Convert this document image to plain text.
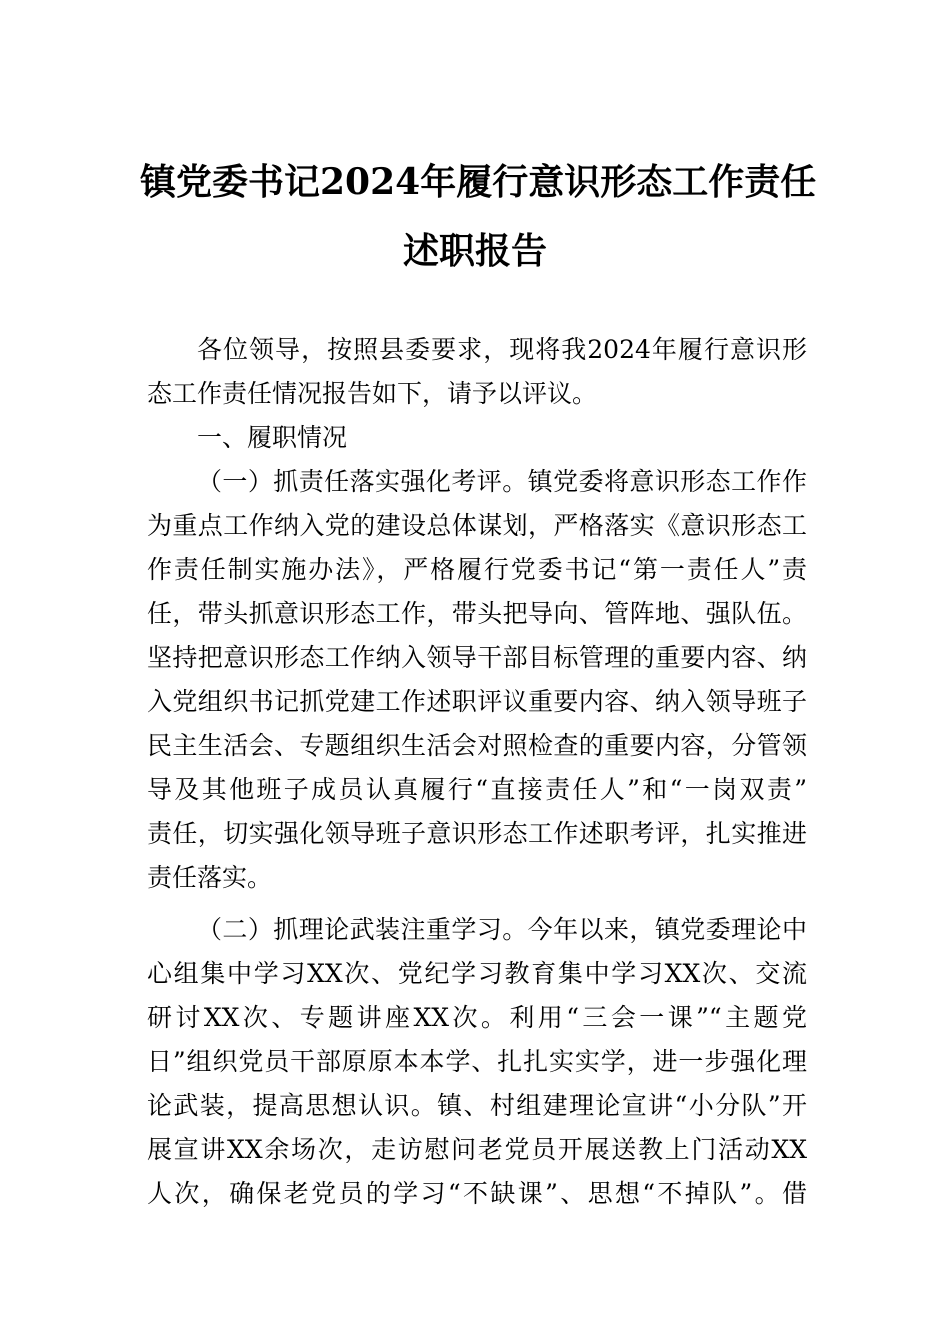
镇党委书记2024年履行意识形态工作责任
述职报告
各位领导，按照县委要求，现将我2024年履行意识形
态工作责任情况报告如下，请予以评议。
一、履职情况
（一）抓责任落实强化考评。镇党委将意识形态工作作
为重点工作纳入党的建设总体谋划，严格落实《意识形态工
作责任制实施办法》，严格履行党委书记“第一责任人”责
任，带头抓意识形态工作，带头把导向、管阵地、强队伍。
坚持把意识形态工作纳入领导干部目标管理的重要内容、纳
入党组织书记抓党建工作述职评议重要内容、纳入领导班子
民主生活会、专题组织生活会对照检查的重要内容，分管领
导及其他班子成员认真履行“直接责任人”和“一岗双责”
责任，切实强化领导班子意识形态工作述职考评，扎实推进
责任落实。
（二）抓理论武装注重学习。今年以来，镇党委理论中
心组集中学习XX次、党纪学习教育集中学习XX次、交流
研讨XX次、专题讲座XX次。利用“三会一课”“主题党
日”组织党员干部原原本本学、扎扎实实学，进一步强化理
论武装，提高思想认识。镇、村组建理论宣讲“小分队”开
展宣讲XX余场次，走访慰问老党员开展送教上门活动XX
人次，确保老党员的学习“不缺课”、思想“不掉队”。借
